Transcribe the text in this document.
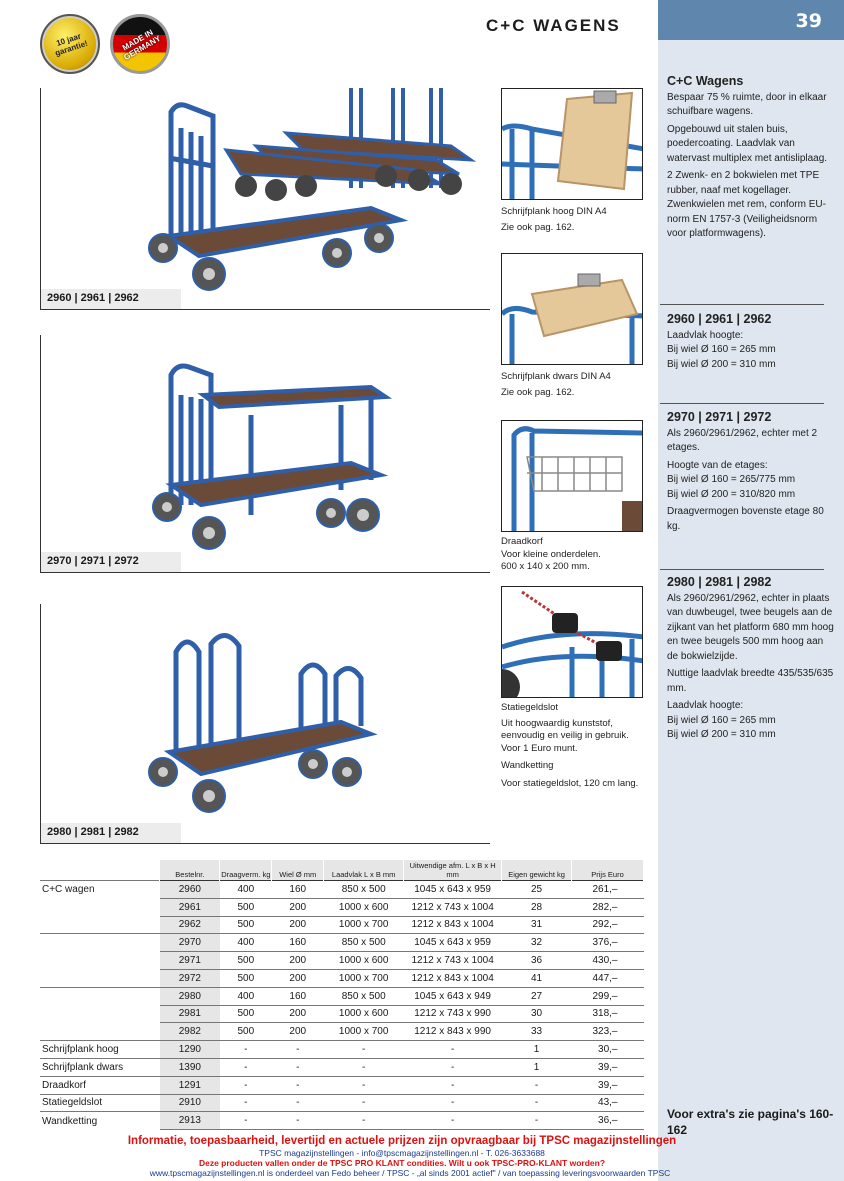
39
C+C WAGENS
10 jaar garantie!	MADE IN GERMANY
2960 | 2961 | 2962
2970 | 2971 | 2972
2980 | 2981 | 2982
Schrijfplank hoog DIN A4
Zie ook pag. 162.
Schrijfplank dwars DIN A4
Zie ook pag. 162.
Draadkorf
Voor kleine onderdelen.
600 x 140 x 200 mm.
Statiegeldslot
Uit hoogwaardig kunststof, eenvoudig en veilig in gebruik. Voor 1 Euro munt.
Wandketting
Voor statiegeldslot, 120 cm lang.
C+C Wagens

Bespaar 75 % ruimte, door in elkaar schuifbare wagens.

Opgebouwd uit stalen buis, poedercoating. Laadvlak van watervast multiplex met antisliplaag.

2 Zwenk- en 2 bokwielen met TPE rubber, naaf met kogellager. Zwenkwielen met rem, conform EU-norm EN 1757-3 (Veiligheidsnorm voor platformwagens).

2960 | 2961 | 2962
Laadvlak hoogte:
Bij wiel Ø 160 = 265 mm
Bij wiel Ø 200 = 310 mm
2970 | 2971 | 2972

Als 2960/2961/2962, echter met 2 etages.

Hoogte van de etages:
Bij wiel Ø 160 = 265/775 mm

Bij wiel Ø 200 = 310/820 mm

Draagvermogen bovenste etage 80 kg.

2980 | 2981 | 2982

Als 2960/2961/2962, echter in plaats van duwbeugel, twee beugels aan de zijkant van het platform 680 mm hoog en twee beugels 500 mm hoog aan de bokwielzijde.

Nuttige laadvlak breedte 435/535/635 mm.

Laadvlak hoogte:
Bij wiel Ø 160 = 265 mm
Bij wiel Ø 200 = 310 mm
Voor extra's zie pagina's 160-162
	Bestelnr.	Draagverm. kg	Wiel Ø mm	Laadvlak L x B mm	Uitwendige afm. L x B x H mm	Eigen gewicht kg	Prijs Euro
C+C wagen	2960	400	160	850 x 500	1045 x 643 x 959	25	261,–
	2961	500	200	1000 x 600	1212 x 743 x 1004	28	282,–
	2962	500	200	1000 x 700	1212 x 843 x 1004	31	292,–
	2970	400	160	850 x 500	1045 x 643 x 959	32	376,–
	2971	500	200	1000 x 600	1212 x 743 x 1004	36	430,–
	2972	500	200	1000 x 700	1212 x 843 x 1004	41	447,–
	2980	400	160	850 x 500	1045 x 643 x 949	27	299,–
	2981	500	200	1000 x 600	1212 x 743 x 990	30	318,–
	2982	500	200	1000 x 700	1212 x 843 x 990	33	323,–
Schrijfplank hoog	1290	-	-	-	-	1	30,–
Schrijfplank dwars	1390	-	-	-	-	1	39,–
Draadkorf	1291	-	-	-	-	-	39,–
Statiegeldslot	2910	-	-	-	-	-	43,–
Wandketting	2913	-	-	-	-	-	36,–
Informatie, toepasbaarheid, levertijd en actuele prijzen zijn opvraagbaar bij TPSC magazijnstellingen
TPSC magazijnstellingen - info@tpscmagazijnstellingen.nl - T. 026-3633688
Deze producten vallen onder de TPSC PRO KLANT condities. Wilt u ook TPSC-PRO-KLANT worden?
www.tpscmagazijnstellingen.nl is onderdeel van Fedo beheer / TPSC - „al sinds 2001 actief" / van toepassing leveringsvoorwaarden TPSC
